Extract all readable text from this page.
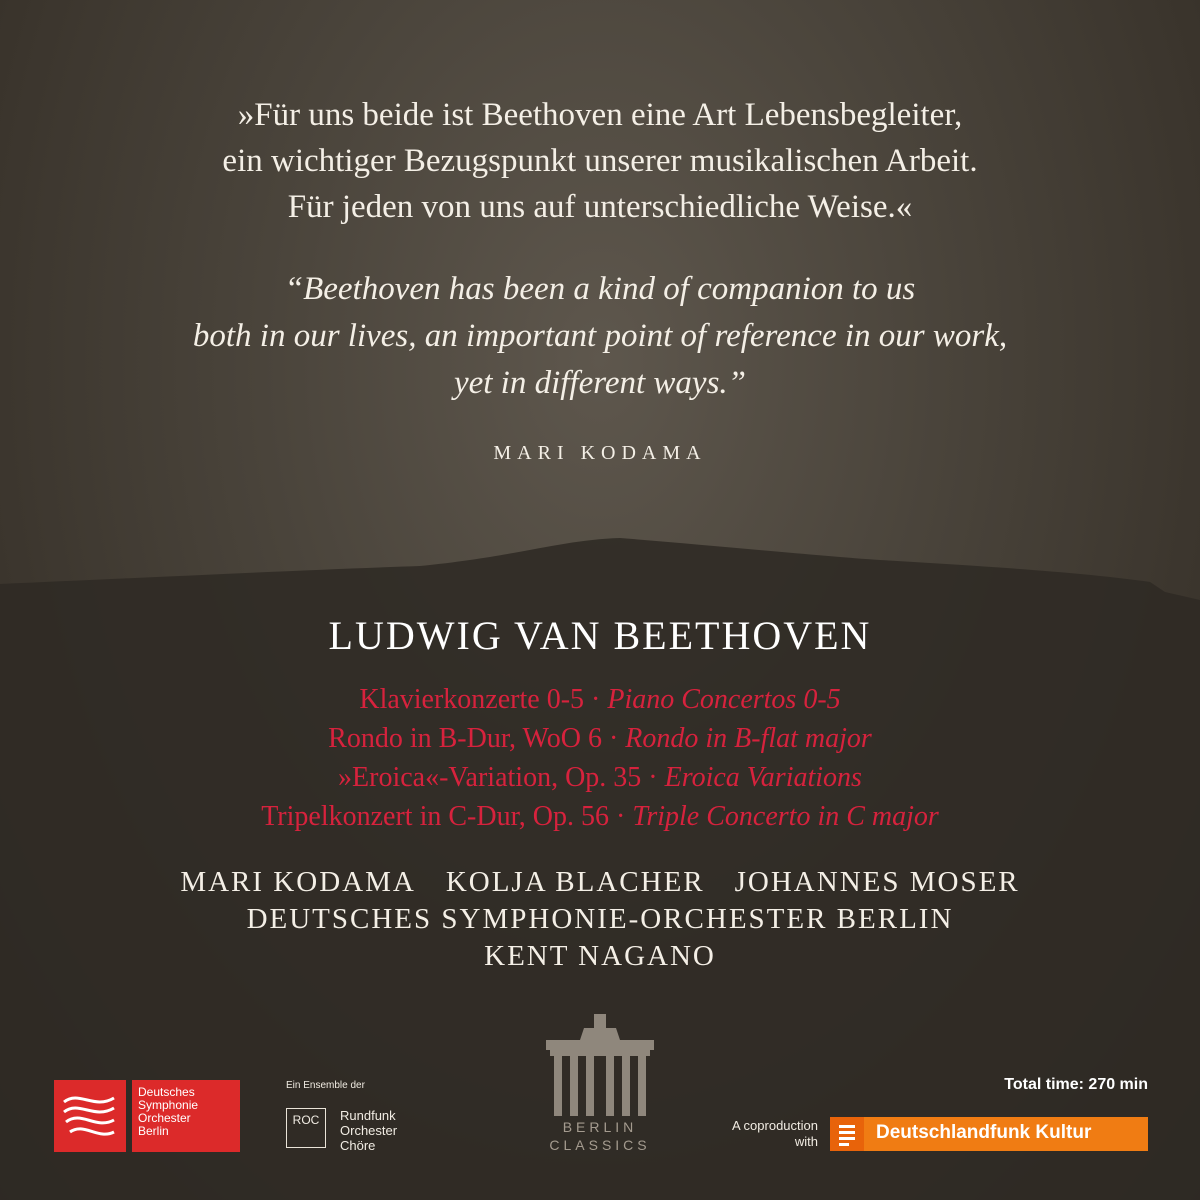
»Für uns beide ist Beethoven eine Art Lebensbegleiter,
ein wichtiger Bezugspunkt unserer musikalischen Arbeit.
Für jeden von uns auf unterschiedliche Weise.«
“Beethoven has been a kind of companion to us
both in our lives, an important point of reference in our work,
yet in different ways.”
MARI KODAMA
LUDWIG VAN BEETHOVEN
Klavierkonzerte 0-5 · Piano Concertos 0-5
Rondo in B-Dur, WoO 6 · Rondo in B-flat major
»Eroica«-Variation, Op. 35 · Eroica Variations
Tripelkonzert in C-Dur, Op. 56 · Triple Concerto in C major
MARI KODAMA KOLJA BLACHER JOHANNES MOSER
DEUTSCHES SYMPHONIE-ORCHESTER BERLIN
KENT NAGANO
Deutsches
Symphonie
Orchester
Berlin
Ein Ensemble der
ROC	Rundfunk
Orchester
Chöre
BERLIN
CLASSICS
Total time: 270 min
A coproduction
with	Deutschlandfunk Kultur
